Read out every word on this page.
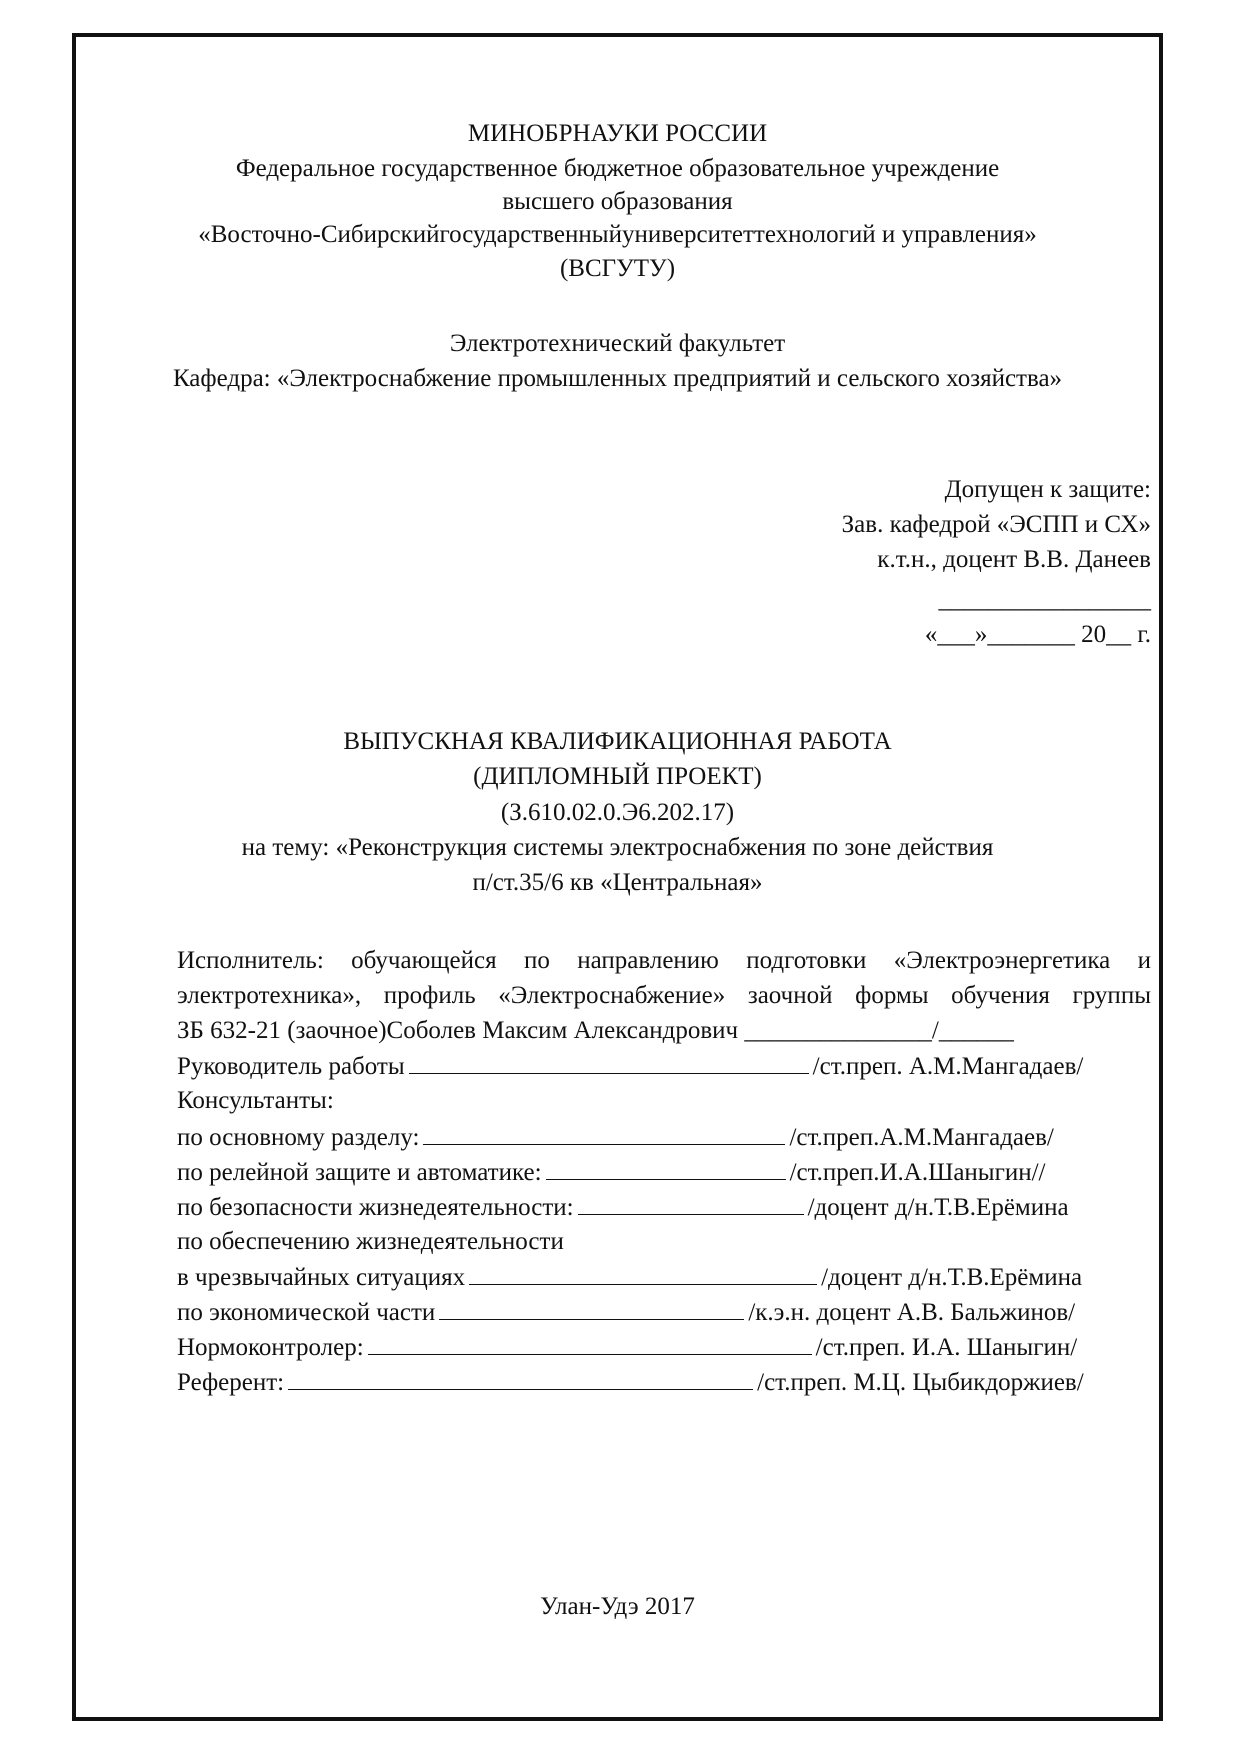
МИНОБРНАУКИ РОССИИ
Федеральное государственное бюджетное образовательное учреждение
высшего образования
«Восточно-Сибирскийгосударственныйуниверситеттехнологий и управления»
(ВСГУТУ)
Электротехнический факультет
Кафедра: «Электроснабжение промышленных предприятий и сельского хозяйства»
Допущен к защите:
Зав. кафедрой «ЭСПП и СХ»
к.т.н., доцент В.В. Данеев
_________________
«___»_______ 20__ г.
ВЫПУСКНАЯ КВАЛИФИКАЦИОННАЯ РАБОТА
(ДИПЛОМНЫЙ ПРОЕКТ)
(З.610.02.0.Э6.202.17)
на тему: «Реконструкция системы электроснабжения по зоне действия
п/ст.35/6 кв «Центральная»
Исполнитель: обучающейся по направлению подготовки «Электроэнергетика и
электротехника», профиль «Электроснабжение» заочной формы обучения группы
ЗБ 632-21 (заочное)Соболев Максим Александрович _______________/______
Руководитель работы	/ст.преп. А.М.Мангадаев/
Консультанты:
по основному разделу:	/ст.преп.А.М.Мангадаев/
по релейной защите и автоматике:	/ст.преп.И.А.Шаныгин//
по безопасности жизнедеятельности:	/доцент д/н.Т.В.Ерёмина
по обеспечению жизнедеятельности
в чрезвычайных ситуациях	/доцент д/н.Т.В.Ерёмина
по экономической части	/к.э.н. доцент А.В. Бальжинов/
Нормоконтролер:	/ст.преп. И.А. Шаныгин/
Референт:	/ст.преп. М.Ц. Цыбикдоржиев/
Улан-Удэ 2017
